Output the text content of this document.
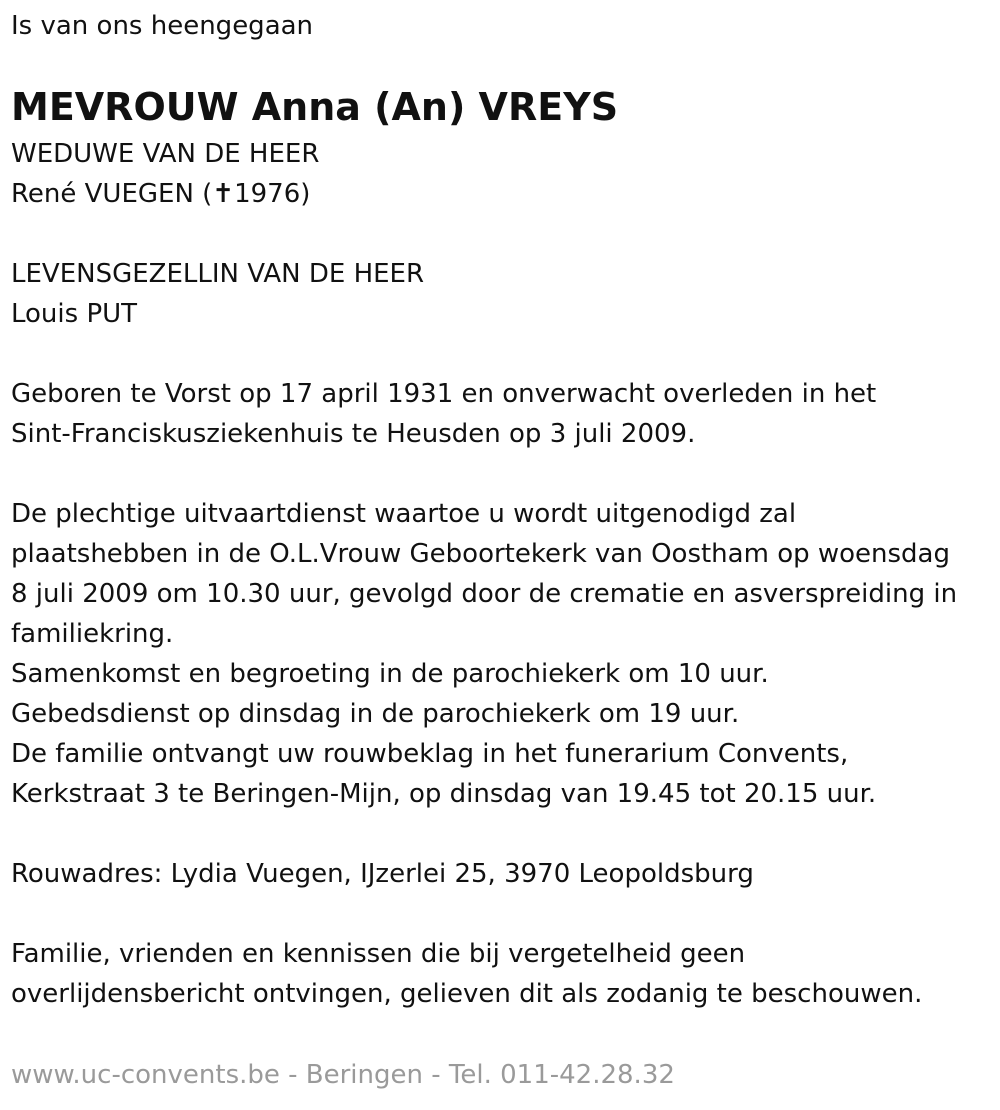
Is van ons heengegaan

MEVROUW Anna (An) VREYS

WEDUWE VAN DE HEER

René VUEGEN (✝1976)

LEVENSGEZELLIN VAN DE HEER

Louis PUT

Geboren te Vorst op 17 april 1931 en onverwacht overleden in het

Sint-Franciskusziekenhuis te Heusden op 3 juli 2009.

De plechtige uitvaartdienst waartoe u wordt uitgenodigd zal

plaatshebben in de O.L.Vrouw Geboortekerk van Oostham op woensdag

8 juli 2009 om 10.30 uur, gevolgd door de crematie en asverspreiding in

familiekring.

Samenkomst en begroeting in de parochiekerk om 10 uur.

Gebedsdienst op dinsdag in de parochiekerk om 19 uur.

De familie ontvangt uw rouwbeklag in het funerarium Convents,

Kerkstraat 3 te Beringen-Mijn, op dinsdag van 19.45 tot 20.15 uur.

Rouwadres: Lydia Vuegen, IJzerlei 25, 3970 Leopoldsburg

Familie, vrienden en kennissen die bij vergetelheid geen

overlijdensbericht ontvingen, gelieven dit als zodanig te beschouwen.

www.uc-convents.be - Beringen - Tel. 011-42.28.32
